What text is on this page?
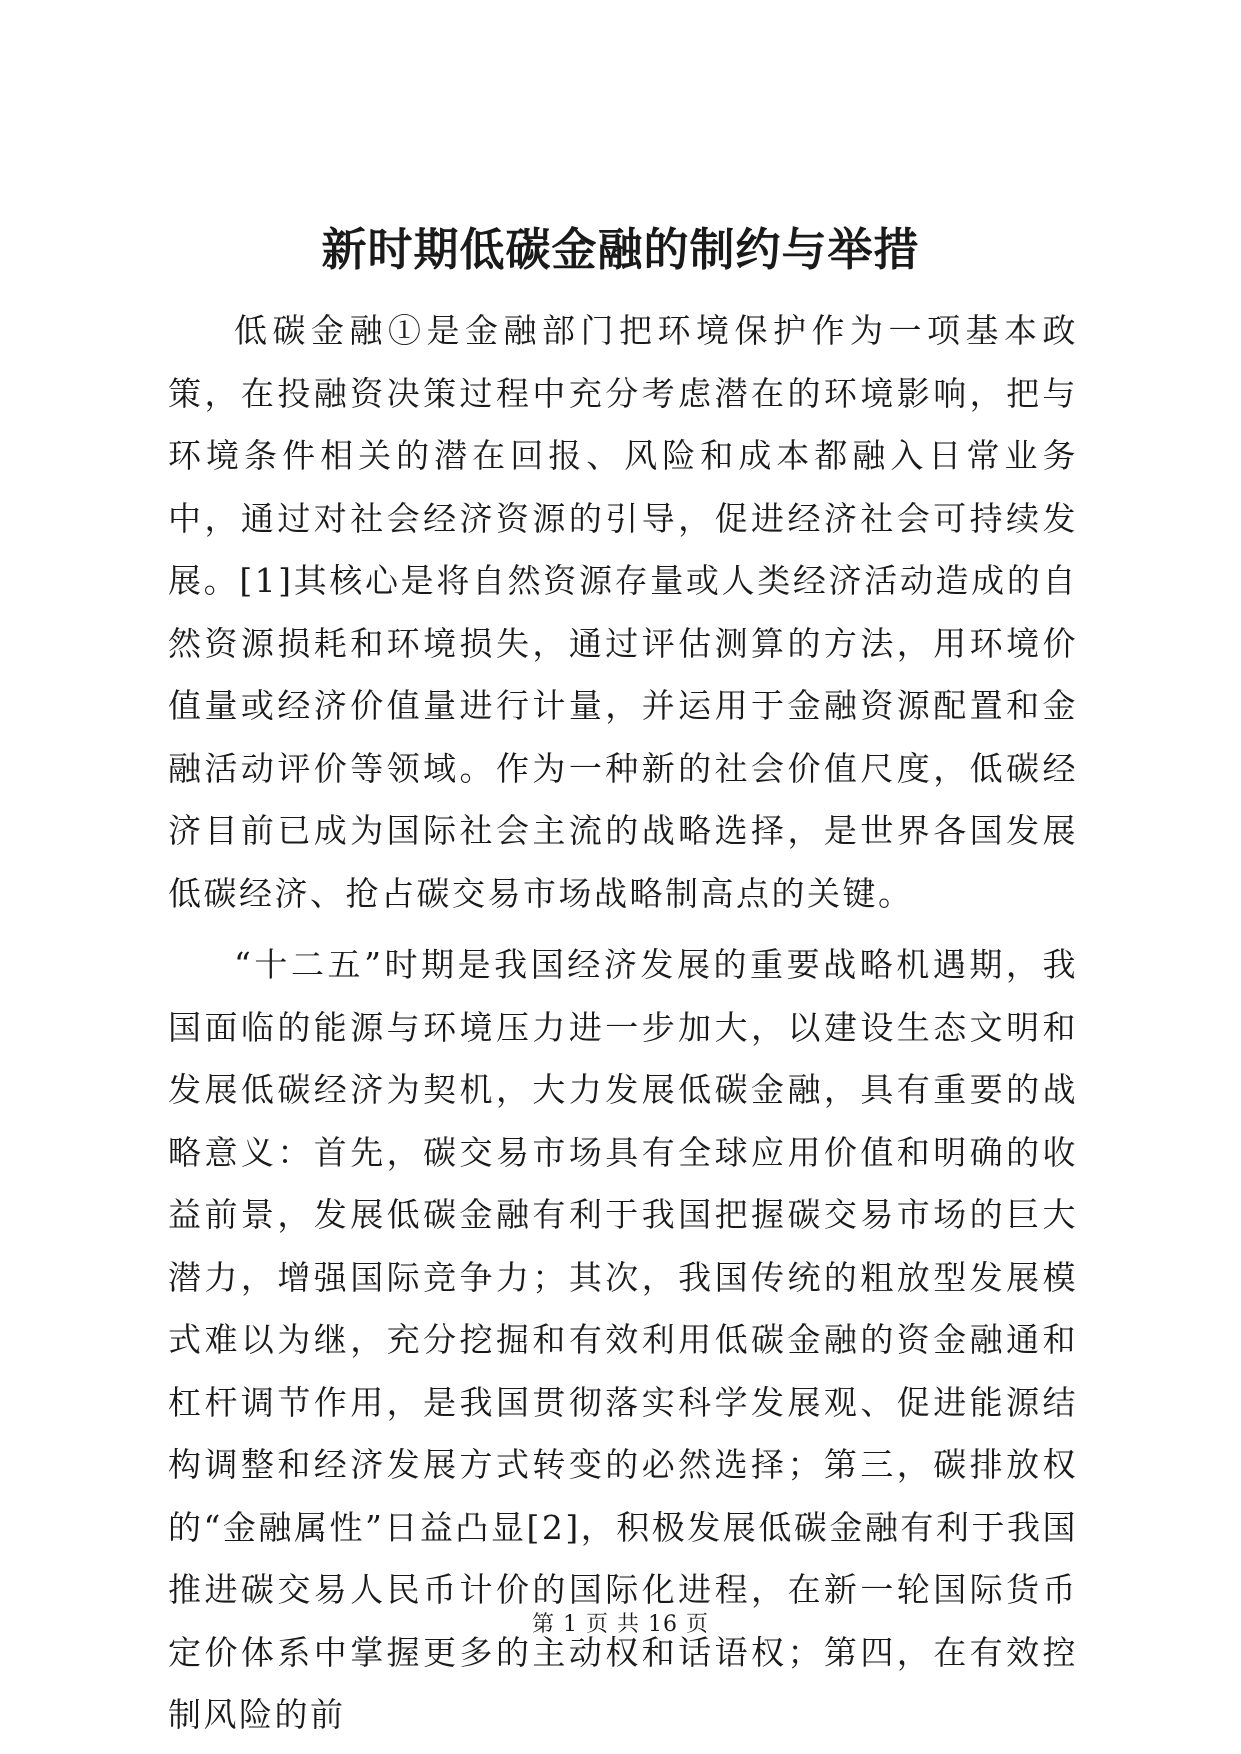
新时期低碳金融的制约与举措

低碳金融①是金融部门把环境保护作为一项基本政策，在投融资决策过程中充分考虑潜在的环境影响，把与环境条件相关的潜在回报、风险和成本都融入日常业务中，通过对社会经济资源的引导，促进经济社会可持续发展。[1]其核心是将自然资源存量或人类经济活动造成的自然资源损耗和环境损失，通过评估测算的方法，用环境价值量或经济价值量进行计量，并运用于金融资源配置和金融活动评价等领域。作为一种新的社会价值尺度，低碳经济目前已成为国际社会主流的战略选择，是世界各国发展低碳经济、抢占碳交易市场战略制高点的关键。

“十二五”时期是我国经济发展的重要战略机遇期，我国面临的能源与环境压力进一步加大，以建设生态文明和发展低碳经济为契机，大力发展低碳金融，具有重要的战略意义：首先，碳交易市场具有全球应用价值和明确的收益前景，发展低碳金融有利于我国把握碳交易市场的巨大潜力，增强国际竞争力；其次，我国传统的粗放型发展模式难以为继，充分挖掘和有效利用低碳金融的资金融通和杠杆调节作用，是我国贯彻落实科学发展观、促进能源结构调整和经济发展方式转变的必然选择；第三，碳排放权的“金融属性”日益凸显[2]，积极发展低碳金融有利于我国推进碳交易人民币计价的国际化进程，在新一轮国际货币定价体系中掌握更多的主动权和话语权；第四，在有效控制风险的前

第 1 页 共 16 页
